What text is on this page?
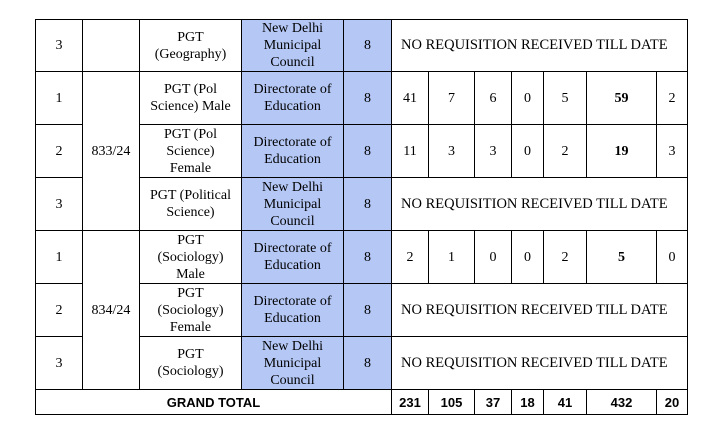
3		PGT
(Geography)	New Delhi
Municipal
Council	8	NO REQUISITION RECEIVED TILL DATE						
1	833/24	PGT (Pol
Science) Male	Directorate of
Education	8	41	7	6	0	5	59	2
2		PGT (Pol
Science)
Female	Directorate of
Education	8	11	3	3	0	2	19	3
3		PGT (Political
Science)	New Delhi
Municipal
Council	8	NO REQUISITION RECEIVED TILL DATE						
1	834/24	PGT
(Sociology)
Male	Directorate of
Education	8	2	1	0	0	2	5	0
2		PGT
(Sociology)
Female	Directorate of
Education	8	NO REQUISITION RECEIVED TILL DATE						
3		PGT
(Sociology)	New Delhi
Municipal
Council	8	NO REQUISITION RECEIVED TILL DATE						
GRAND TOTAL					231	105	37	18	41	432	20
